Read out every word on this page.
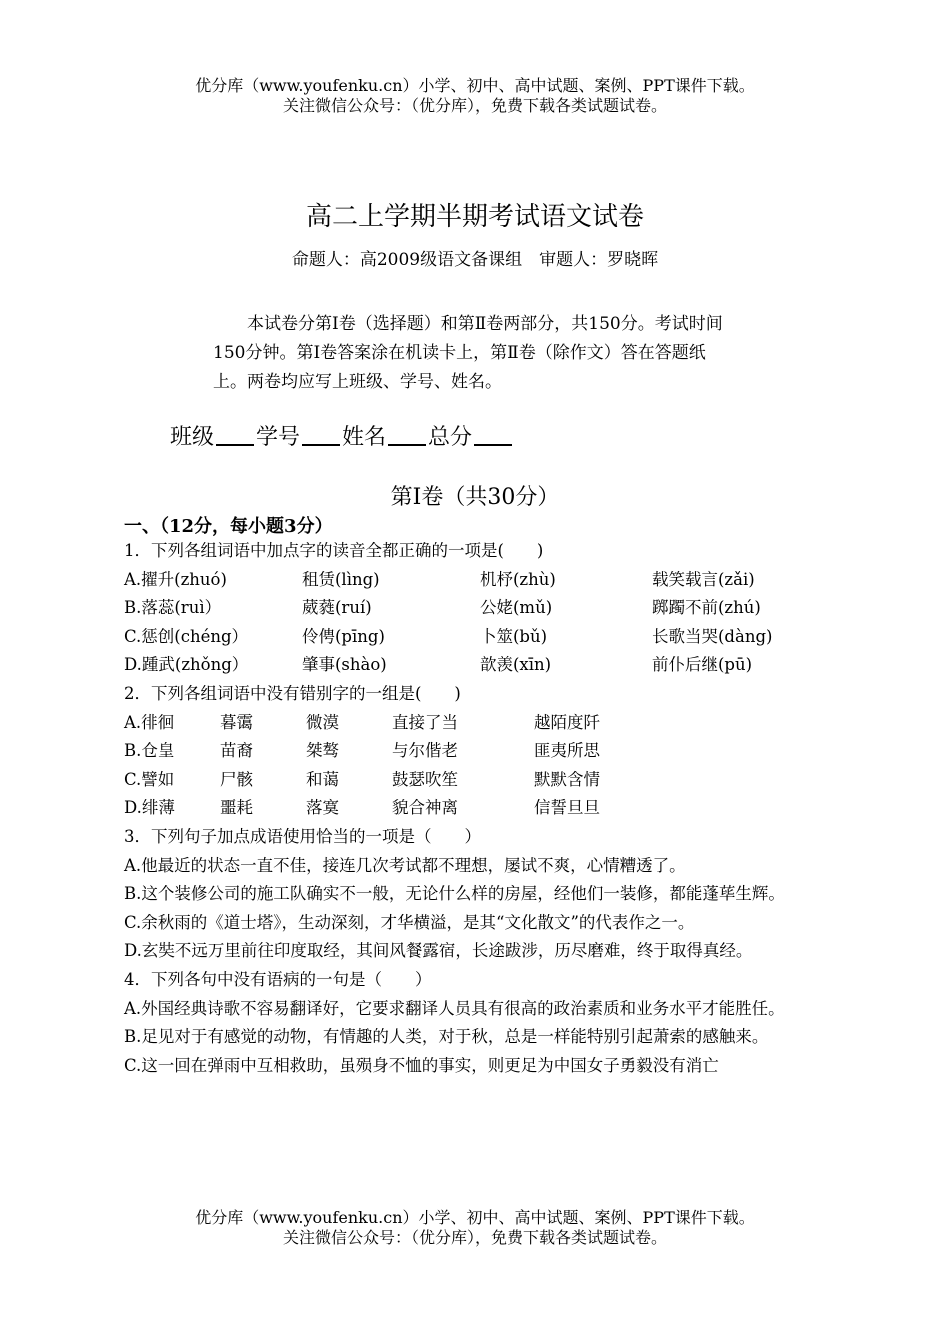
优分库（www.youfenku.cn）小学、初中、高中试题、案例、PPT课件下载。
关注微信公众号：（优分库），免费下载各类试题试卷。
高二上学期半期考试语文试卷
命题人：高2009级语文备课组　审题人：罗晓晖
本试卷分第I卷（选择题）和第Ⅱ卷两部分，共150分。考试时间150分钟。第Ⅰ卷答案涂在机读卡上，第Ⅱ卷（除作文）答在答题纸上。两卷均应写上班级、学号、姓名。
班级 学号 姓名 总分
第Ⅰ卷（共30分）
一、（12分，每小题3分）
1．下列各组词语中加点字的读音全都正确的一项是(　　)
A.擢升(zhuó)	租赁(lìng)	机杼(zhù)	载笑载言(zǎi)
B.落蕊(ruì）	葳蕤(ruí)	公姥(mǔ)	踯躅不前(zhú)
C.惩创(chéng）	伶俜(pīng)	卜筮(bǔ)	长歌当哭(dàng)
D.踵武(zhǒng）	肇事(shào)	歆羡(xīn)	前仆后继(pū)
2．下列各组词语中没有错别字的一组是(　　)
A.徘徊	暮霭	微漠	直接了当	越陌度阡
B.仓皇	苗裔	桀骜	与尔偕老	匪夷所思
C.譬如	尸骸	和蔼	鼓瑟吹笙	默默含情
D.绯薄	噩耗	落寞	貌合神离	信誓旦旦
3．下列句子加点成语使用恰当的一项是（　　）
A.他最近的状态一直不佳，接连几次考试都不理想，屡试不爽，心情糟透了。
B.这个装修公司的施工队确实不一般，无论什么样的房屋，经他们一装修，都能蓬荜生辉。
C.余秋雨的《道士塔》，生动深刻，才华横溢，是其“文化散文”的代表作之一。
D.玄奘不远万里前往印度取经，其间风餐露宿，长途跋涉，历尽磨难，终于取得真经。
4．下列各句中没有语病的一句是（　　）
A.外国经典诗歌不容易翻译好，它要求翻译人员具有很高的政治素质和业务水平才能胜任。
B.足见对于有感觉的动物，有情趣的人类，对于秋，总是一样能特别引起萧索的感触来。
C.这一回在弹雨中互相救助，虽殒身不恤的事实，则更足为中国女子勇毅没有消亡
优分库（www.youfenku.cn）小学、初中、高中试题、案例、PPT课件下载。
关注微信公众号：（优分库），免费下载各类试题试卷。
